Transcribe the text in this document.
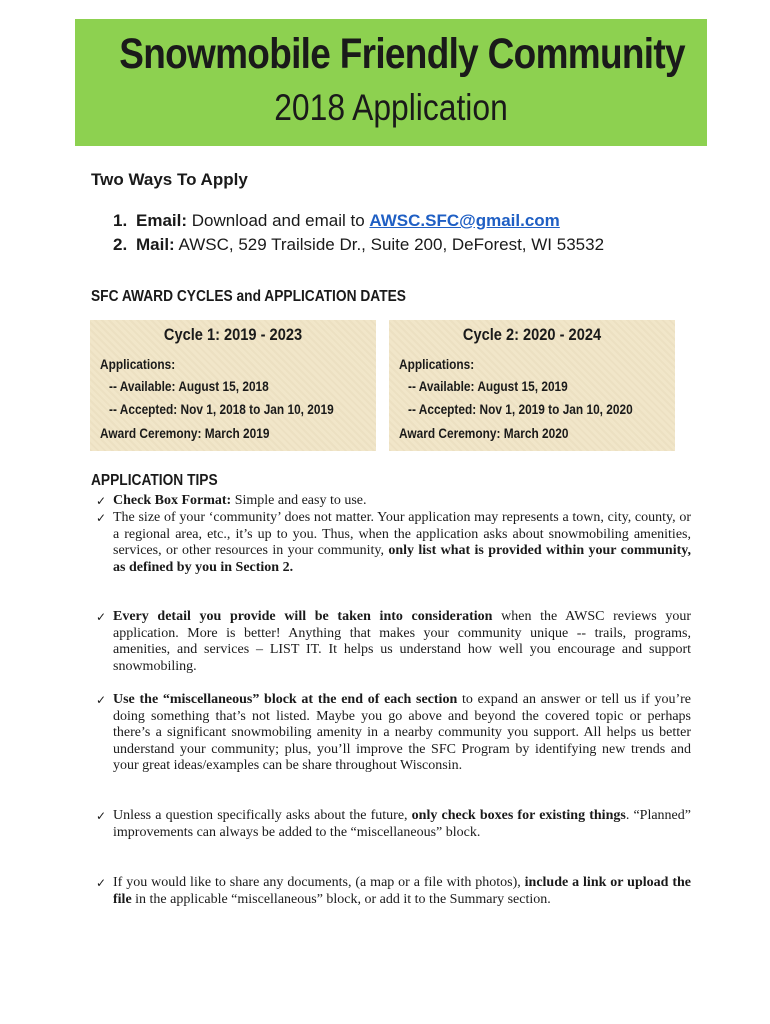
Snowmobile Friendly Community
2018 Application
Two Ways To Apply
1. Email: Download and email to AWSC.SFC@gmail.com
2. Mail: AWSC, 529 Trailside Dr., Suite 200, DeForest, WI 53532
SFC AWARD CYCLES and APPLICATION DATES
Cycle 1: 2019 - 2023
Applications:
-- Available: August 15, 2018
-- Accepted: Nov 1, 2018 to Jan 10, 2019
Award Ceremony: March 2019
Cycle 2: 2020 - 2024
Applications:
-- Available: August 15, 2019
-- Accepted: Nov 1, 2019 to Jan 10, 2020
Award Ceremony: March 2020
APPLICATION TIPS
✓ Check Box Format: Simple and easy to use.
✓ The size of your ‘community’ does not matter. Your application may represents a town, city, county, or a regional area, etc., it’s up to you. Thus, when the application asks about snowmobiling amenities, services, or other resources in your community, only list what is provided within your community, as defined by you in Section 2.
✓ Every detail you provide will be taken into consideration when the AWSC reviews your application. More is better! Anything that makes your community unique -- trails, programs, amenities, and services – LIST IT. It helps us understand how well you encourage and support snowmobiling.
✓ Use the “miscellaneous” block at the end of each section to expand an answer or tell us if you’re doing something that’s not listed. Maybe you go above and beyond the covered topic or perhaps there’s a significant snowmobiling amenity in a nearby community you support. All helps us better understand your community; plus, you’ll improve the SFC Program by identifying new trends and your great ideas/examples can be share throughout Wisconsin.
✓ Unless a question specifically asks about the future, only check boxes for existing things. “Planned” improvements can always be added to the “miscellaneous” block.
✓ If you would like to share any documents, (a map or a file with photos), include a link or upload the file in the applicable “miscellaneous” block, or add it to the Summary section.
